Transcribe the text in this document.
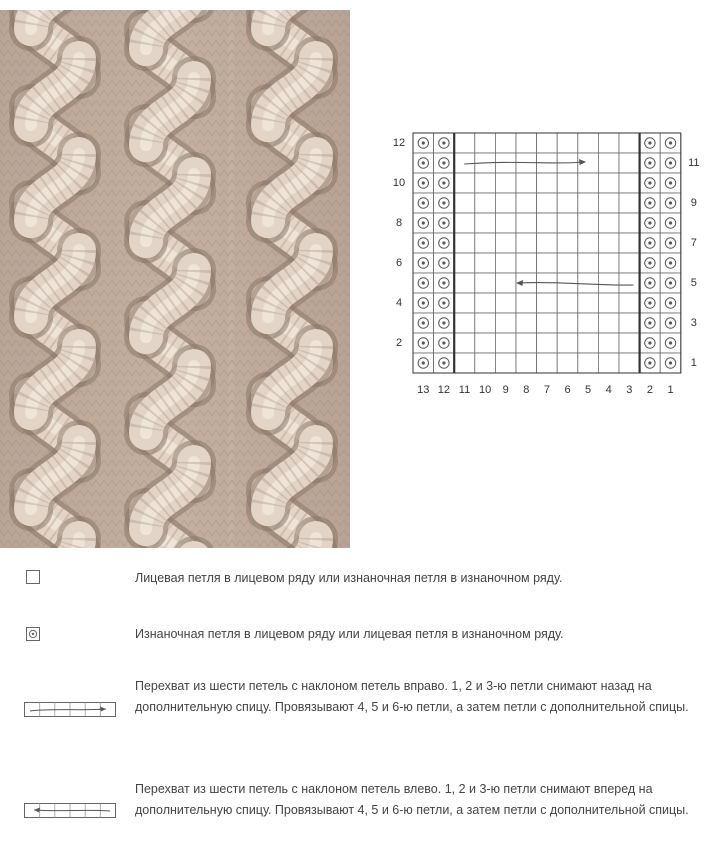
12
10
8
6
4
2
11
9
7
5
3
1
13 12 11 10 9 8 7 6 5 4 3 2 1
Лицевая петля в лицевом ряду или изнаночная петля в изнаночном ряду.
Изнаночная петля в лицевом ряду или лицевая петля в изнаночном ряду.
Перехват из шести петель с наклоном петель вправо. 1, 2 и 3-ю петли снимают назад на дополнительную спицу. Провязывают 4, 5 и 6-ю петли, а затем петли с дополнительной спицы.
Перехват из шести петель с наклоном петель влево. 1, 2 и 3-ю петли снимают вперед на дополнительную спицу. Провязывают 4, 5 и 6-ю петли, а затем петли с дополнительной спицы.
